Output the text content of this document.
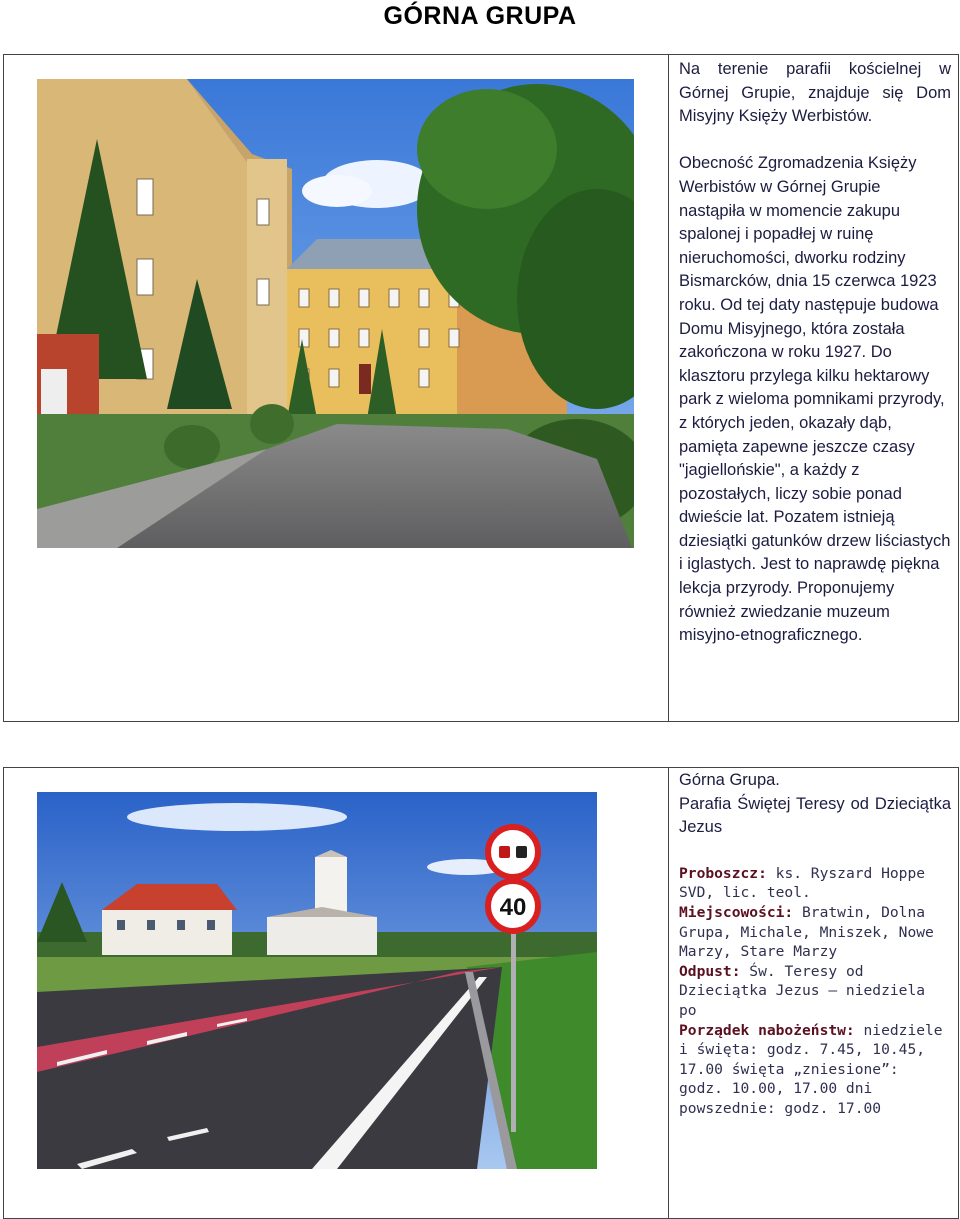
GÓRNA GRUPA

Na terenie parafii kościelnej w Górnej Grupie, znajduje się Dom Misyjny Księży Werbistów.

Obecność Zgromadzenia Księży Werbistów w Górnej Grupie nastąpiła w momencie zakupu spalonej i popadłej w ruinę nieruchomości, dworku rodziny Bismarcków, dnia 15 czerwca 1923 roku. Od tej daty następuje budowa Domu Misyjnego, która została zakończona w roku 1927. Do klasztoru przylega kilku hektarowy park z wieloma pomnikami przyrody, z których jeden, okazały dąb, pamięta zapewne jeszcze czasy "jagiellońskie", a każdy z pozostałych, liczy sobie ponad dwieście lat. Pozatem istnieją dziesiątki gatunków drzew liściastych i iglastych. Jest to naprawdę piękna lekcja przyrody. Proponujemy również zwiedzanie muzeum misyjno-etnograficznego.

40

Górna Grupa.

Parafia Świętej Teresy od Dzieciątka Jezus

Proboszcz: ks. Ryszard Hoppe SVD, lic. teol.
Miejscowości: Bratwin, Dolna Grupa, Michale, Mniszek, Nowe Marzy, Stare Marzy
Odpust: Św. Teresy od Dzieciątka Jezus – niedziela po
Porządek nabożeństw: niedziele i święta: godz. 7.45, 10.45, 17.00 święta „zniesione”: godz. 10.00, 17.00 dni powszednie: godz. 17.00
